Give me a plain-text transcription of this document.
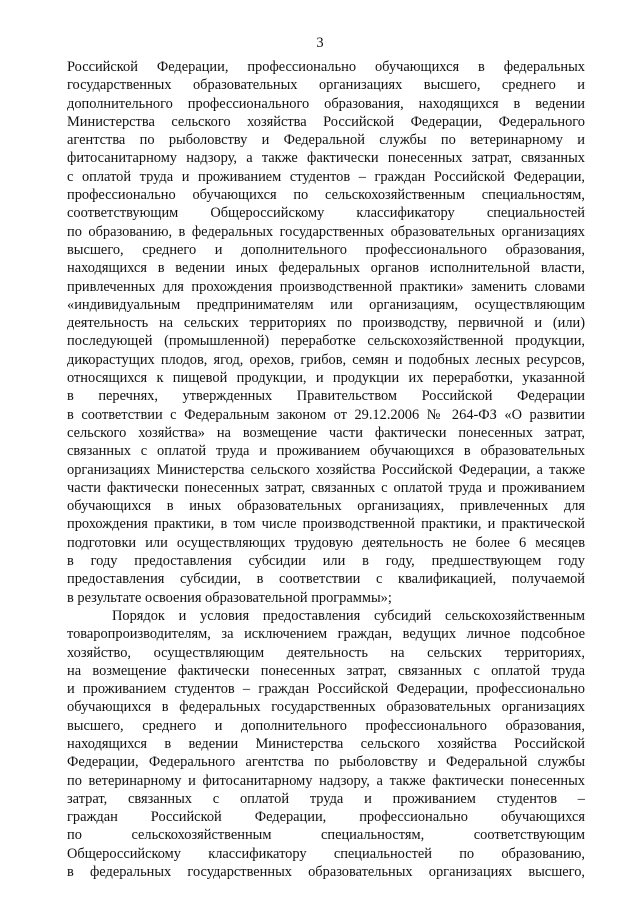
3
Российской Федерации, профессионально обучающихся в федеральных
государственных образовательных организациях высшего, среднего и
дополнительного профессионального образования, находящихся в ведении
Министерства сельского хозяйства Российской Федерации, Федерального
агентства по рыболовству и Федеральной службы по ветеринарному и
фитосанитарному надзору, а также фактически понесенных затрат, связанных
с оплатой труда и проживанием студентов – граждан Российской Федерации,
профессионально обучающихся по сельскохозяйственным специальностям,
соответствующим Общероссийскому классификатору специальностей
по образованию, в федеральных государственных образовательных организациях
высшего, среднего и дополнительного профессионального образования,
находящихся в ведении иных федеральных органов исполнительной власти,
привлеченных для прохождения производственной практики» заменить словами
«индивидуальным предпринимателям или организациям, осуществляющим
деятельность на сельских территориях по производству, первичной и (или)
последующей (промышленной) переработке сельскохозяйственной продукции,
дикорастущих плодов, ягод, орехов, грибов, семян и подобных лесных ресурсов,
относящихся к пищевой продукции, и продукции их переработки, указанной
в перечнях, утвержденных Правительством Российской Федерации
в соответствии с Федеральным законом от 29.12.2006 № 264-ФЗ «О развитии
сельского хозяйства» на возмещение части фактически понесенных затрат,
связанных с оплатой труда и проживанием обучающихся в образовательных
организациях Министерства сельского хозяйства Российской Федерации, а также
части фактически понесенных затрат, связанных с оплатой труда и проживанием
обучающихся в иных образовательных организациях, привлеченных для
прохождения практики, в том числе производственной практики, и практической
подготовки или осуществляющих трудовую деятельность не более 6 месяцев
в году предоставления субсидии или в году, предшествующем году
предоставления субсидии, в соответствии с квалификацией, получаемой
в результате освоения образовательной программы»;
Порядок и условия предоставления субсидий сельскохозяйственным
товаропроизводителям, за исключением граждан, ведущих личное подсобное
хозяйство, осуществляющим деятельность на сельских территориях,
на возмещение фактически понесенных затрат, связанных с оплатой труда
и проживанием студентов – граждан Российской Федерации, профессионально
обучающихся в федеральных государственных образовательных организациях
высшего, среднего и дополнительного профессионального образования,
находящихся в ведении Министерства сельского хозяйства Российской
Федерации, Федерального агентства по рыболовству и Федеральной службы
по ветеринарному и фитосанитарному надзору, а также фактически понесенных
затрат, связанных с оплатой труда и проживанием студентов –
граждан Российской Федерации, профессионально обучающихся
по сельскохозяйственным специальностям, соответствующим
Общероссийскому классификатору специальностей по образованию,
в федеральных государственных образовательных организациях высшего,
